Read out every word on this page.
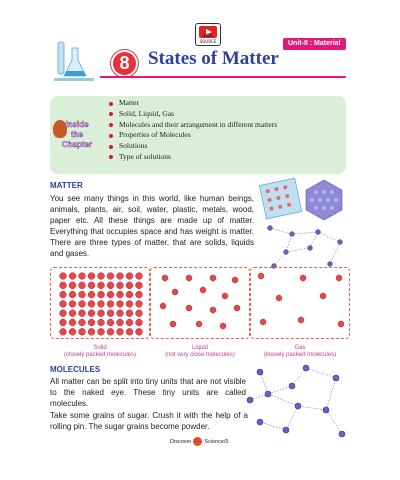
WEB SOURCE
8 States of Matter
Unit-II : Material
Inside
the
Chapter
Matter
Solid, Liquid, Gas
Molecules and their arrangement in different matters
Properties of Molecules
Solutions
Type of solutions
MATTER

You see many things in this world, like human beings, animals, plants, air, soil, water, plastic, metals, wood, paper etc. All these things are made up of matter. Everything that occupies space and has weight is matter. There are three types of matter, that are solids, liquids and gases.

Solid
(closely packed molecules)
Liquid
(not very close molecules)
Gas
(loosely packed molecules)
MOLECULES

All matter can be split into tiny units that are not visible to the naked eye. These tiny units are called molecules.

Take some grains of sugar. Crush it with the help of a rolling pin. The sugar grains become powder.

Discover Science/5
